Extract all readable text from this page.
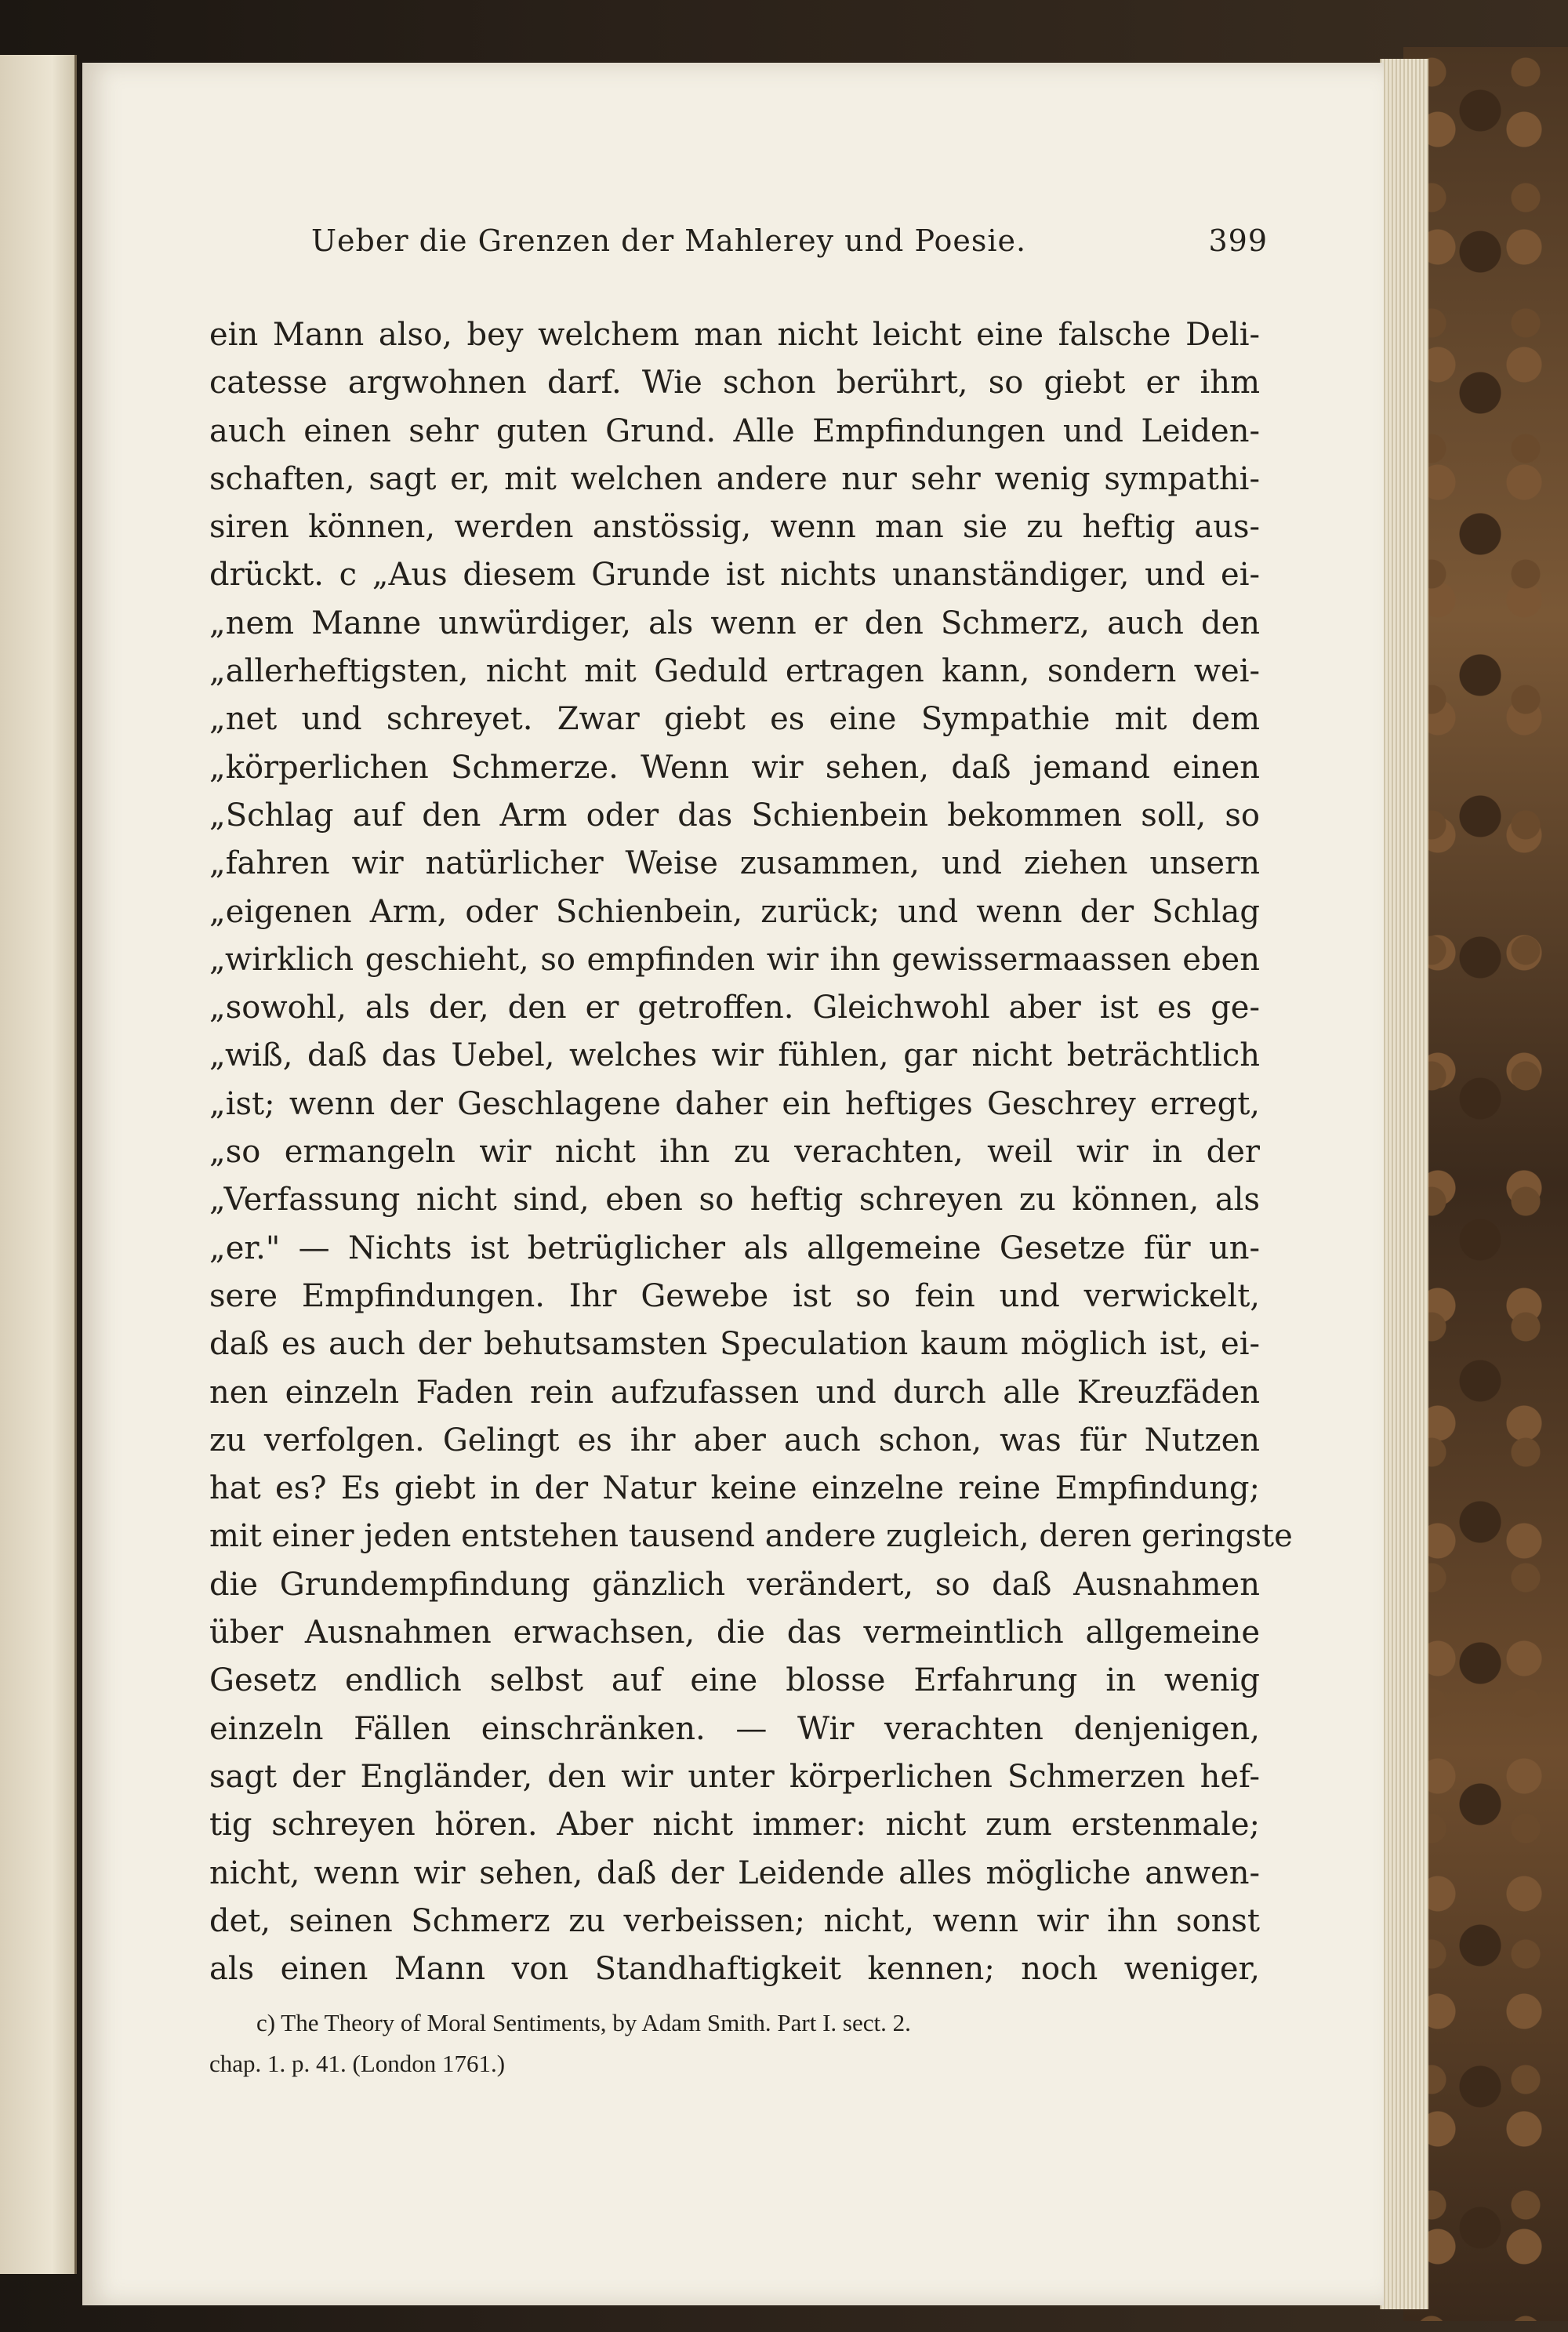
Ueber die Grenzen der Mahlerey und Poesie.	399
ein Mann also, bey welchem man nicht leicht eine falsche Deli-
catesse argwohnen darf. Wie schon berührt, so giebt er ihm
auch einen sehr guten Grund. Alle Empfindungen und Leiden-
schaften, sagt er, mit welchen andere nur sehr wenig sympathi-
siren können, werden anstössig, wenn man sie zu heftig aus-
drückt. c „Aus diesem Grunde ist nichts unanständiger, und ei-
„nem Manne unwürdiger, als wenn er den Schmerz, auch den
„allerheftigsten, nicht mit Geduld ertragen kann, sondern wei-
„net und schreyet. Zwar giebt es eine Sympathie mit dem
„körperlichen Schmerze. Wenn wir sehen, daß jemand einen
„Schlag auf den Arm oder das Schienbein bekommen soll, so
„fahren wir natürlicher Weise zusammen, und ziehen unsern
„eigenen Arm, oder Schienbein, zurück; und wenn der Schlag
„wirklich geschieht, so empfinden wir ihn gewissermaassen eben
„sowohl, als der, den er getroffen. Gleichwohl aber ist es ge-
„wiß, daß das Uebel, welches wir fühlen, gar nicht beträchtlich
„ist; wenn der Geschlagene daher ein heftiges Geschrey erregt,
„so ermangeln wir nicht ihn zu verachten, weil wir in der
„Verfassung nicht sind, eben so heftig schreyen zu können, als
„er." — Nichts ist betrüglicher als allgemeine Gesetze für un-
sere Empfindungen. Ihr Gewebe ist so fein und verwickelt,
daß es auch der behutsamsten Speculation kaum möglich ist, ei-
nen einzeln Faden rein aufzufassen und durch alle Kreuzfäden
zu verfolgen. Gelingt es ihr aber auch schon, was für Nutzen
hat es? Es giebt in der Natur keine einzelne reine Empfindung;
mit einer jeden entstehen tausend andere zugleich, deren geringste
die Grundempfindung gänzlich verändert, so daß Ausnahmen
über Ausnahmen erwachsen, die das vermeintlich allgemeine
Gesetz endlich selbst auf eine blosse Erfahrung in wenig
einzeln Fällen einschränken. — Wir verachten denjenigen,
sagt der Engländer, den wir unter körperlichen Schmerzen hef-
tig schreyen hören. Aber nicht immer: nicht zum erstenmale;
nicht, wenn wir sehen, daß der Leidende alles mögliche anwen-
det, seinen Schmerz zu verbeissen; nicht, wenn wir ihn sonst
als einen Mann von Standhaftigkeit kennen; noch weniger,
c) The Theory of Moral Sentiments, by Adam Smith. Part I. sect. 2.
chap. 1. p. 41. (London 1761.)
